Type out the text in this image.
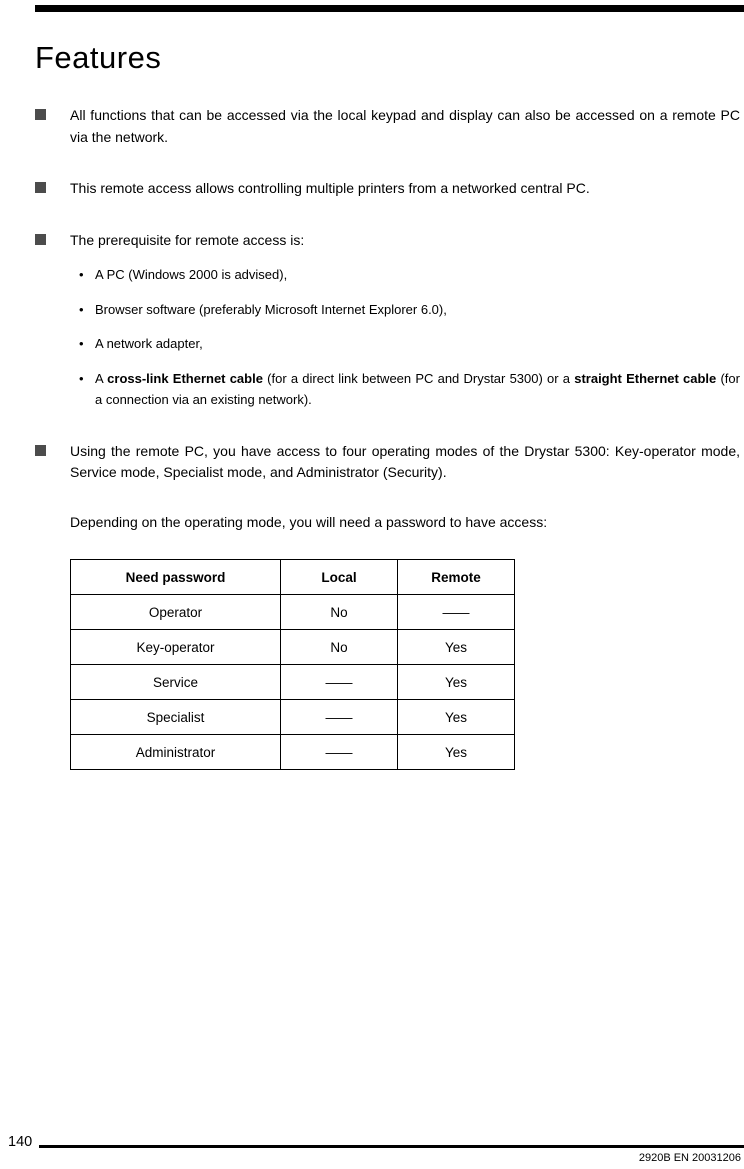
Features

All functions that can be accessed via the local keypad and display can also be accessed on a remote PC via the network.

This remote access allows controlling multiple printers from a networked central PC.

The prerequisite for remote access is:

• A PC (Windows 2000 is advised),

• Browser software (preferably Microsoft Internet Explorer 6.0),

• A network adapter,

• A cross-link Ethernet cable (for a direct link between PC and Drystar 5300) or a straight Ethernet cable (for a connection via an existing network).

Using the remote PC, you have access to four operating modes of the Drystar 5300: Key-operator mode, Service mode, Specialist mode, and Administrator (Security).

Depending on the operating mode, you will need a password to have access:

Need password	Local	Remote
Operator	No	——
Key-operator	No	Yes
Service	——	Yes
Specialist	——	Yes
Administrator	——	Yes
140
2920B EN 20031206
